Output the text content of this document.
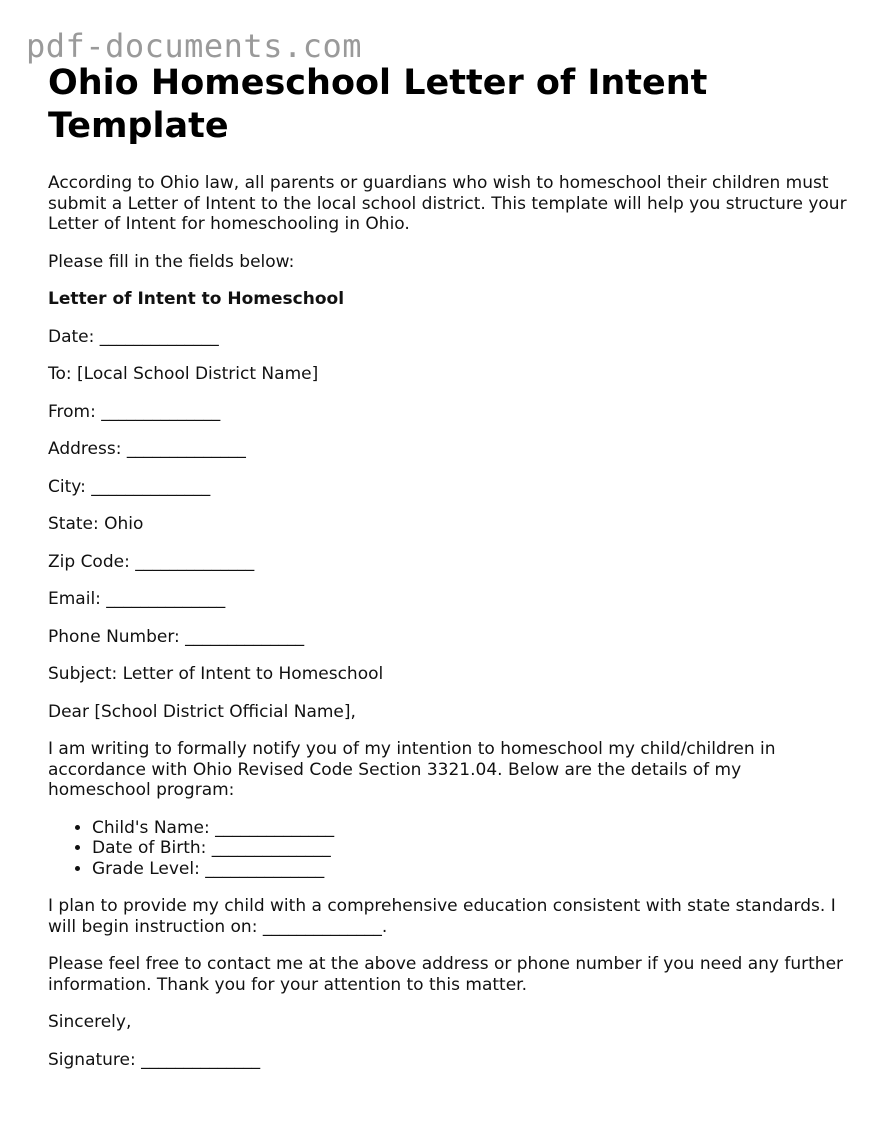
pdf-documents.com
Ohio Homeschool Letter of Intent Template

According to Ohio law, all parents or guardians who wish to homeschool their children must submit a Letter of Intent to the local school district. This template will help you structure your Letter of Intent for homeschooling in Ohio.

Please fill in the fields below:

Letter of Intent to Homeschool

Date: ______________

To: [Local School District Name]

From: ______________

Address: ______________

City: ______________

State: Ohio

Zip Code: ______________

Email: ______________

Phone Number: ______________

Subject: Letter of Intent to Homeschool

Dear [School District Official Name],

I am writing to formally notify you of my intention to homeschool my child/children in accordance with Ohio Revised Code Section 3321.04. Below are the details of my homeschool program:

• Child's Name: ______________
• Date of Birth: ______________
• Grade Level: ______________

I plan to provide my child with a comprehensive education consistent with state standards. I will begin instruction on: ______________.

Please feel free to contact me at the above address or phone number if you need any further information. Thank you for your attention to this matter.

Sincerely,

Signature: ______________
